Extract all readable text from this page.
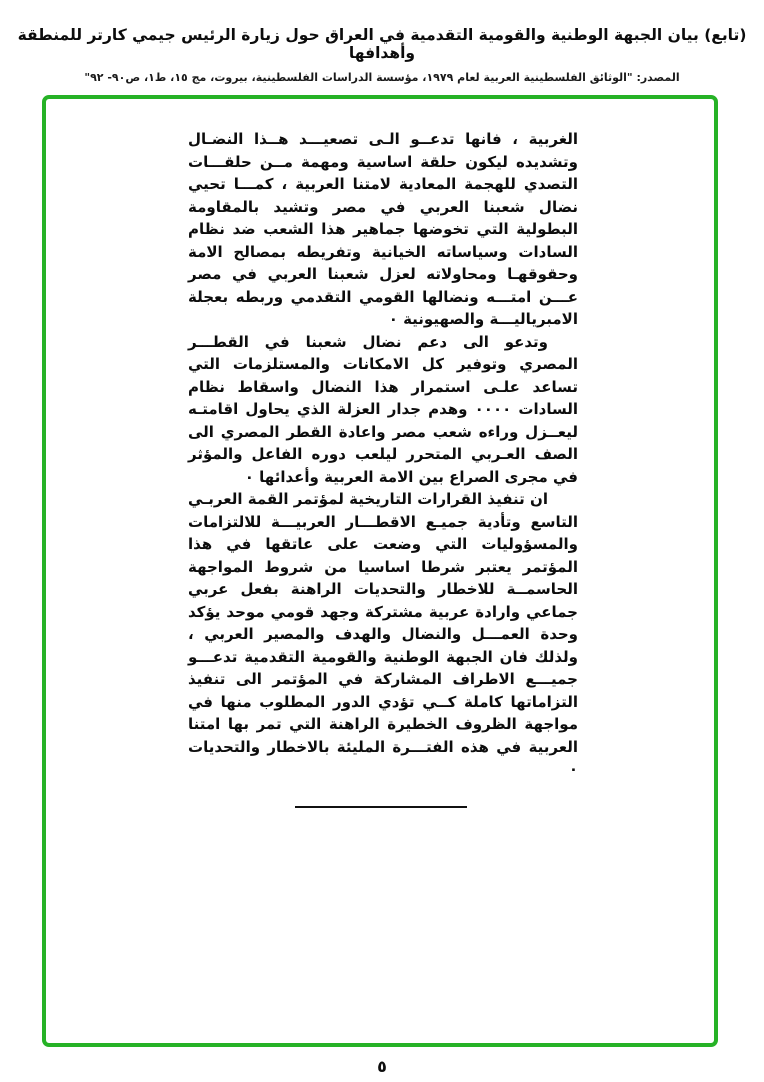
(تابع) بيان الجبهة الوطنية والقومية التقدمية في العراق حول زيارة الرئيس جيمي كارتر للمنطقة وأهدافها
المصدر: "الوثائق الفلسطينية العربية لعام ١٩٧٩، مؤسسة الدراسات الفلسطينية، بيروت، مج ١٥، ط١، ص٩٠- ٩٢"

الغربية ، فانها تدعــو الـى تصعيـــد هــذا النضـال وتشديده ليكون حلقة اساسية ومهمة مــن حلقـــات التصدي للهجمة المعادية لامتنا العربية ، كمـــا تحيي نضال شعبنا العربي في مصر وتشيد بالمقاومة البطولية التي تخوضها جماهير هذا الشعب ضد نظام السادات وسياساته الخيانية وتفريطه بمصالح الامة وحقوقهـا ومحاولاته لعزل شعبنا العربي في مصر عـــن امتـــه ونضالها القومي التقدمي وربطه بعجلة الامبرياليـــة والصهيونية ٠

وتدعو الى دعم نضال شعبنا في القطـــر المصري وتوفير كل الامكانات والمستلزمات التي تساعد علـى استمرار هذا النضال واسقاط نظام السادات ٠٠٠٠ وهدم جدار العزلة الذي يحاول اقامتـه ليعــزل وراءه شعب مصر واعادة القطر المصري الى الصف العـربي المتحرر ليلعب دوره الفاعل والمؤثر في مجرى الصراع بين الامة العربية وأعدائها ٠

ان تنفيذ القرارات التاريخية لمؤتمر القمة العربـي التاسع وتأدية جميـع الاقطـــار العربيـــة للالتزامات والمسؤوليات التي وضعت على عاتقها في هذا المؤتمر يعتبر شرطا اساسيا من شروط المواجهة الحاسمــة للاخطار والتحديات الراهنة بفعل عربي جماعي وارادة عربية مشتركة وجهد قومي موحد يؤكد وحدة العمـــل والنضال والهدف والمصير العربي ، ولذلك فان الجبهة الوطنية والقومية التقدمية تدعـــو جميـــع الاطراف المشاركة في المؤتمر الى تنفيذ التزاماتها كاملة كــي تؤدي الدور المطلوب منها في مواجهة الظروف الخطيرة الراهنة التي تمر بها امتنا العربية في هذه الفتـــرة المليئة بالاخطار والتحديات ٠

٥
